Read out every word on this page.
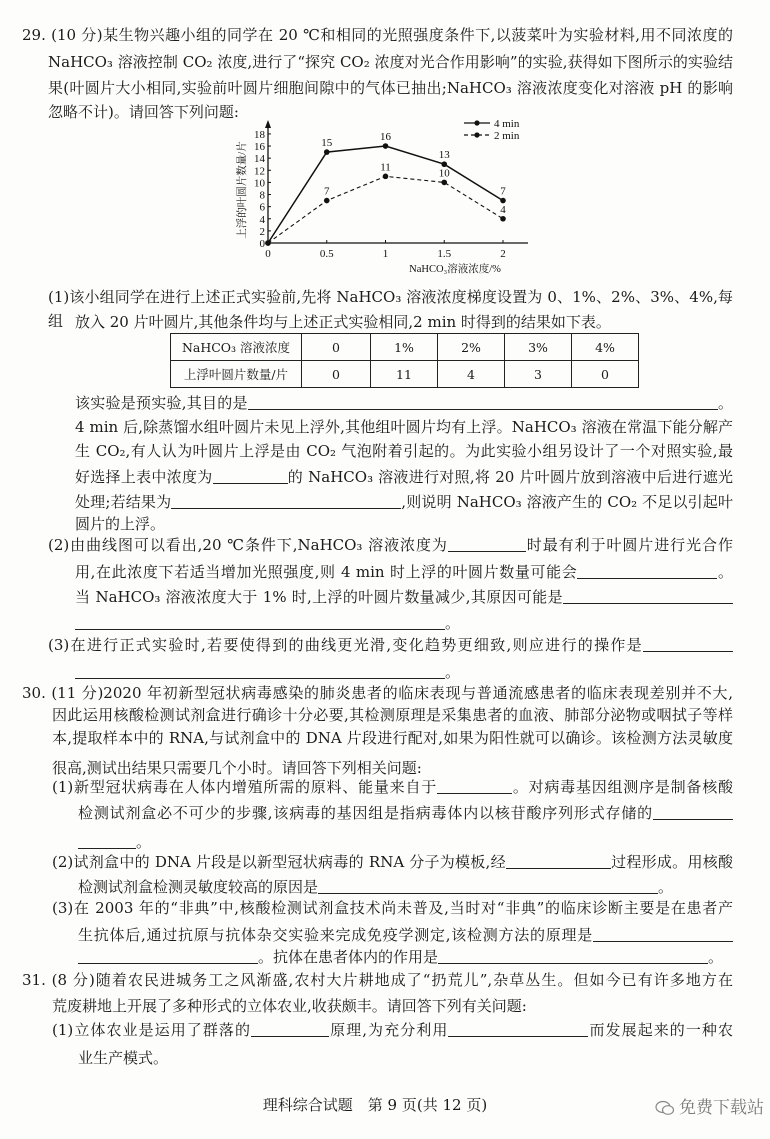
29. (10 分)某生物兴趣小组的同学在 20 ℃和相同的光照强度条件下,以菠菜叶为实验材料,用不同浓度的
NaHCO₃ 溶液控制 CO₂ 浓度,进行了“探究 CO₂ 浓度对光合作用影响”的实验,获得如下图所示的实验结
果(叶圆片大小相同,实验前叶圆片细胞间隙中的气体已抽出;NaHCO₃ 溶液浓度变化对溶液 pH 的影响
忽略不计)。请回答下列问题:
(1)该小组同学在进行上述正式实验前,先将 NaHCO₃ 溶液浓度梯度设置为 0、1%、2%、3%、4%,每组 放入 20 片叶圆片,其他条件均与上述正式实验相同,2 min 时得到的结果如下表。
该实验是预实验,其目的是	。
4 min 后,除蒸馏水组叶圆片未见上浮外,其他组叶圆片均有上浮。NaHCO₃ 溶液在常温下能分解产
生 CO₂,有人认为叶圆片上浮是由 CO₂ 气泡附着引起的。为此实验小组另设计了一个对照实验,最
好选择上表中浓度为	的 NaHCO₃ 溶液进行对照,将 20 片叶圆片放到溶液中后进行遮光
处理;若结果为	,则说明 NaHCO₃ 溶液产生的 CO₂ 不足以引起叶
圆片的上浮。
(2)由曲线图可以看出,20 ℃条件下,NaHCO₃ 溶液浓度为	时最有利于叶圆片进行光合作
用,在此浓度下若适当增加光照强度,则 4 min 时上浮的叶圆片数量可能会	。
当 NaHCO₃ 溶液浓度大于 1% 时,上浮的叶圆片数量减少,其原因可能是
。
(3)在进行正式实验时,若要使得到的曲线更光滑,变化趋势更细致,则应进行的操作是
。
30. (11 分)2020 年初新型冠状病毒感染的肺炎患者的临床表现与普通流感患者的临床表现差别并不大,
因此运用核酸检测试剂盒进行确诊十分必要,其检测原理是采集患者的血液、肺部分泌物或咽拭子等样
本,提取样本中的 RNA,与试剂盒中的 DNA 片段进行配对,如果为阳性就可以确诊。该检测方法灵敏度
很高,测试出结果只需要几个小时。请回答下列相关问题:
(1)新型冠状病毒在人体内增殖所需的原料、能量来自于	。对病毒基因组测序是制备核酸
检测试剂盒必不可少的步骤,该病毒的基因组是指病毒体内以核苷酸序列形式存储的
。
(2)试剂盒中的 DNA 片段是以新型冠状病毒的 RNA 分子为模板,经	过程形成。用核酸
检测试剂盒检测灵敏度较高的原因是	。
(3)在 2003 年的“非典”中,核酸检测试剂盒技术尚未普及,当时对“非典”的临床诊断主要是在患者产
生抗体后,通过抗原与抗体杂交实验来完成免疫学测定,该检测方法的原理是
。抗体在患者体内的作用是	。
31. (8 分)随着农民进城务工之风渐盛,农村大片耕地成了“扔荒儿”,杂草丛生。但如今已有许多地方在
荒废耕地上开展了多种形式的立体农业,收获颇丰。请回答下列有关问题:
(1)立体农业是运用了群落的	原理,为充分利用	而发展起来的一种农
业生产模式。
NaHCO₃ 溶液浓度	0	1%	2%	3%	4%
上浮叶圆片数量/片	0	11	4	3	0
0
2
4
6
8
10
12
14
16
18
0	0.5	1	1.5	2
15
16
13
7
4 min
7
11
10
4
2 min
NaHCO₃溶液浓度/%
上浮的叶圆片数量/片
理科综合试题　第 9 页(共 12 页)	免费下载站
